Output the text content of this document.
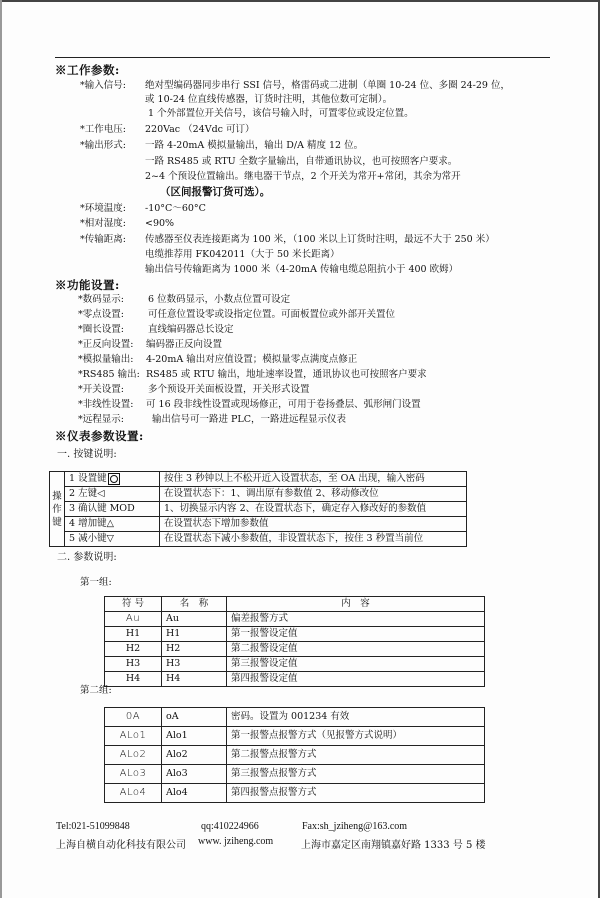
※工作参数:
*输入信号: 绝对型编码器同步串行 SSI 信号，格雷码或二进制（单圈 10-24 位、多圈 24-29 位，
或 10-24 位直线传感器，订货时注明，其他位数可定制）。
1 个外部置位开关信号，该信号输入时，可置零位或设定位置。
*工作电压: 220Vac （24Vdc 可订）
*输出形式: 一路 4-20mA 模拟量输出，输出 D/A 精度 12 位。
一路 RS485 或 RTU 全数字量输出，自带通讯协议，也可按照客户要求。
2~4 个预设位置输出。继电器干节点，2 个开关为常开+常闭，其余为常开
（区间报警订货可选）。
*环境温度: -10°C～60°C
*相对湿度: <90%
*传输距离: 传感器至仪表连接距离为 100 米，（100 米以上订货时注明，最远不大于 250 米）
电缆推荐用 FK042011（大于 50 米长距离）
输出信号传输距离为 1000 米（4-20mA 传输电缆总阻抗小于 400 欧姆）
※功能设置:
*数码显示:	6 位数码显示，小数点位置可设定
*零点设置:	可任意位置设零或设指定位置。可面板置位或外部开关置位
*圈长设置:	直线编码器总长设定
*正反向设置: 编码器正反向设置
*模拟量输出: 4-20mA 输出对应值设置；模拟量零点满度点修正
*RS485 输出: RS485 或 RTU 输出，地址速率设置，通讯协议也可按照客户要求
*开关设置:	多个预设开关面板设置，开关形式设置
*非线性设置: 可 16 段非线性设置或现场修正，可用于卷扬叠层、弧形闸门设置
*远程显示:	输出信号可一路进 PLC，一路进远程显示仪表
※仪表参数设置:
一. 按键说明:
操
作
键	1 设置键	按住 3 秒钟以上不松开近入设置状态，至 OA 出现，输入密码
	2 左键◁	在设置状态下：1、调出原有参数值 2、移动修改位
	3 确认键 MOD	1、切换显示内容 2、在设置状态下，确定存入修改好的参数值
	4 增加键△	在设置状态下增加参数值
	5 减小键▽	在设置状态下减小参数值，非设置状态下，按住 3 秒置当前位
二. 参数说明:
第一组:
符 号	名　称	内　容
Au	Au	偏差报警方式
H1	H1	第一报警设定值
H2	H2	第二报警设定值
H3	H3	第三报警设定值
H4	H4	第四报警设定值
第二组:
0A	oA	密码。设置为 001234 有效
ALo1	Alo1	第一报警点报警方式（见报警方式说明）
ALo2	Alo2	第二报警点报警方式
ALo3	Alo3	第三报警点报警方式
ALo4	Alo4	第四报警点报警方式
Tel:021-51099848	qq:410224966	Fax:sh_jziheng@163.com
上海自横自动化科技有限公司 www. jziheng.com	上海市嘉定区南翔镇嘉好路 1333 号 5 楼
